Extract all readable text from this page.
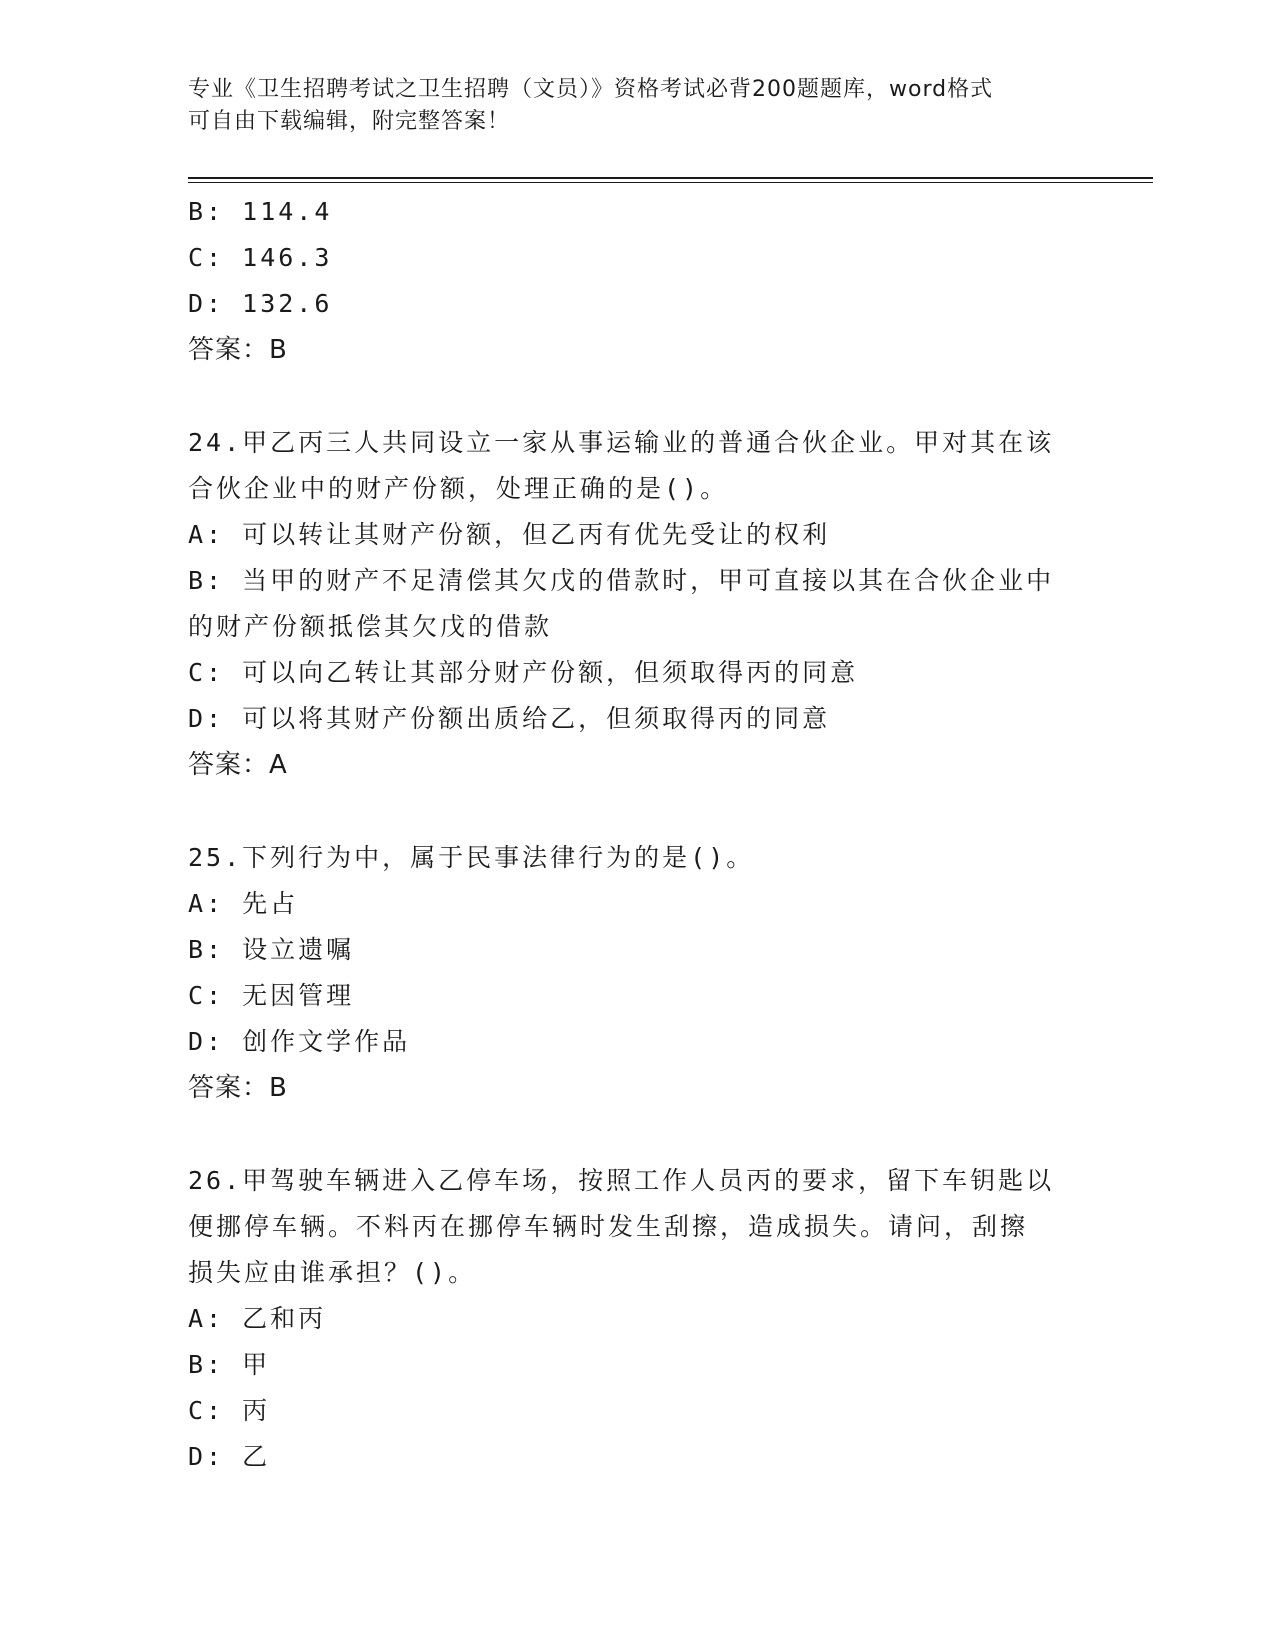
专业《卫生招聘考试之卫生招聘（文员）》资格考试必背200题题库，word格式
可自由下载编辑，附完整答案！
B: 114.4
C: 146.3
D: 132.6
答案：B
24.甲乙丙三人共同设立一家从事运输业的普通合伙企业。甲对其在该
合伙企业中的财产份额，处理正确的是()。
A: 可以转让其财产份额，但乙丙有优先受让的权利
B: 当甲的财产不足清偿其欠戊的借款时，甲可直接以其在合伙企业中
的财产份额抵偿其欠戊的借款
C: 可以向乙转让其部分财产份额，但须取得丙的同意
D: 可以将其财产份额出质给乙，但须取得丙的同意
答案：A
25.下列行为中，属于民事法律行为的是()。
A: 先占
B: 设立遗嘱
C: 无因管理
D: 创作文学作品
答案：B
26.甲驾驶车辆进入乙停车场，按照工作人员丙的要求，留下车钥匙以
便挪停车辆。不料丙在挪停车辆时发生刮擦，造成损失。请问，刮擦
损失应由谁承担？()。
A: 乙和丙
B: 甲
C: 丙
D: 乙
